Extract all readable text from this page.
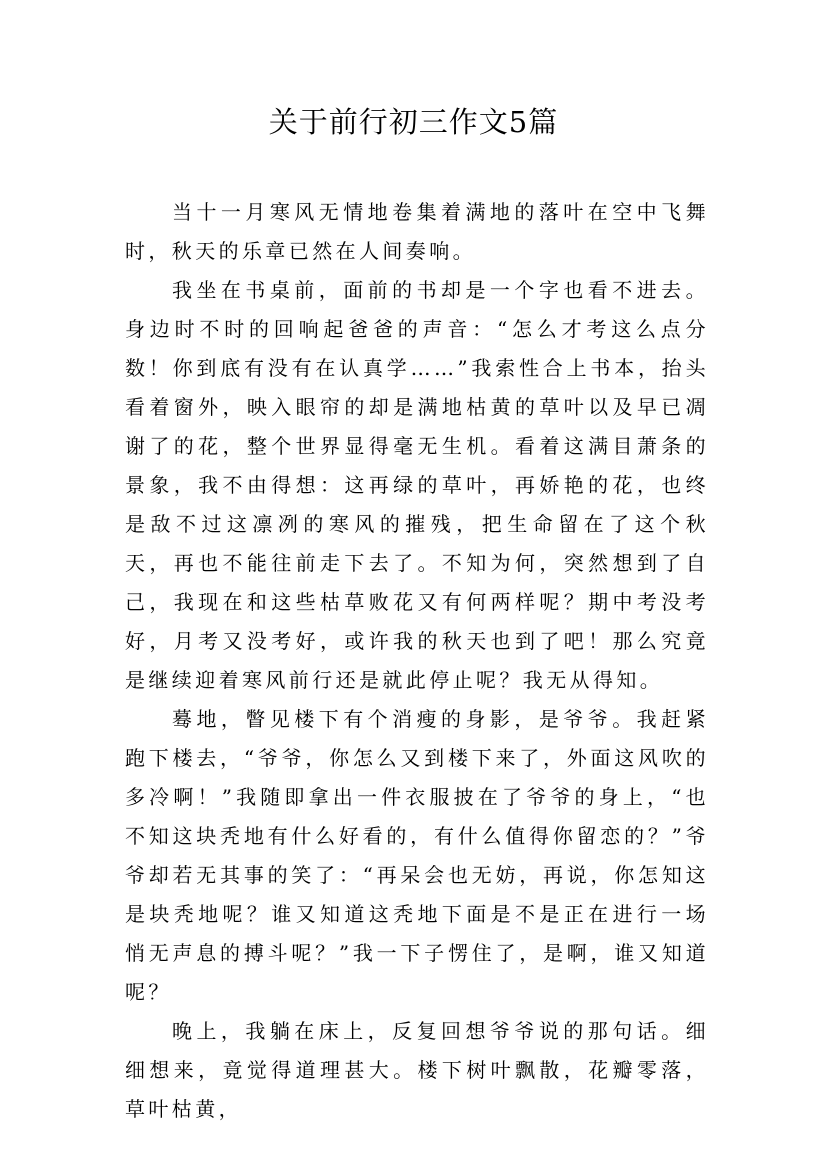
关于前行初三作文5篇

当十一月寒风无情地卷集着满地的落叶在空中飞舞时，秋天的乐章已然在人间奏响。

我坐在书桌前，面前的书却是一个字也看不进去。身边时不时的回响起爸爸的声音：“怎么才考这么点分数！你到底有没有在认真学……”我索性合上书本，抬头看着窗外，映入眼帘的却是满地枯黄的草叶以及早已凋谢了的花，整个世界显得毫无生机。看着这满目萧条的景象，我不由得想：这再绿的草叶，再娇艳的花，也终是敌不过这凛冽的寒风的摧残，把生命留在了这个秋天，再也不能往前走下去了。不知为何，突然想到了自己，我现在和这些枯草败花又有何两样呢？期中考没考好，月考又没考好，或许我的秋天也到了吧！那么究竟是继续迎着寒风前行还是就此停止呢？我无从得知。

蓦地，瞥见楼下有个消瘦的身影，是爷爷。我赶紧跑下楼去，“爷爷，你怎么又到楼下来了，外面这风吹的多冷啊！”我随即拿出一件衣服披在了爷爷的身上，“也不知这块秃地有什么好看的，有什么值得你留恋的？”爷爷却若无其事的笑了：“再呆会也无妨，再说，你怎知这是块秃地呢？谁又知道这秃地下面是不是正在进行一场悄无声息的搏斗呢？”我一下子愣住了，是啊，谁又知道呢？

晚上，我躺在床上，反复回想爷爷说的那句话。细细想来，竟觉得道理甚大。楼下树叶飘散，花瓣零落，草叶枯黄，
